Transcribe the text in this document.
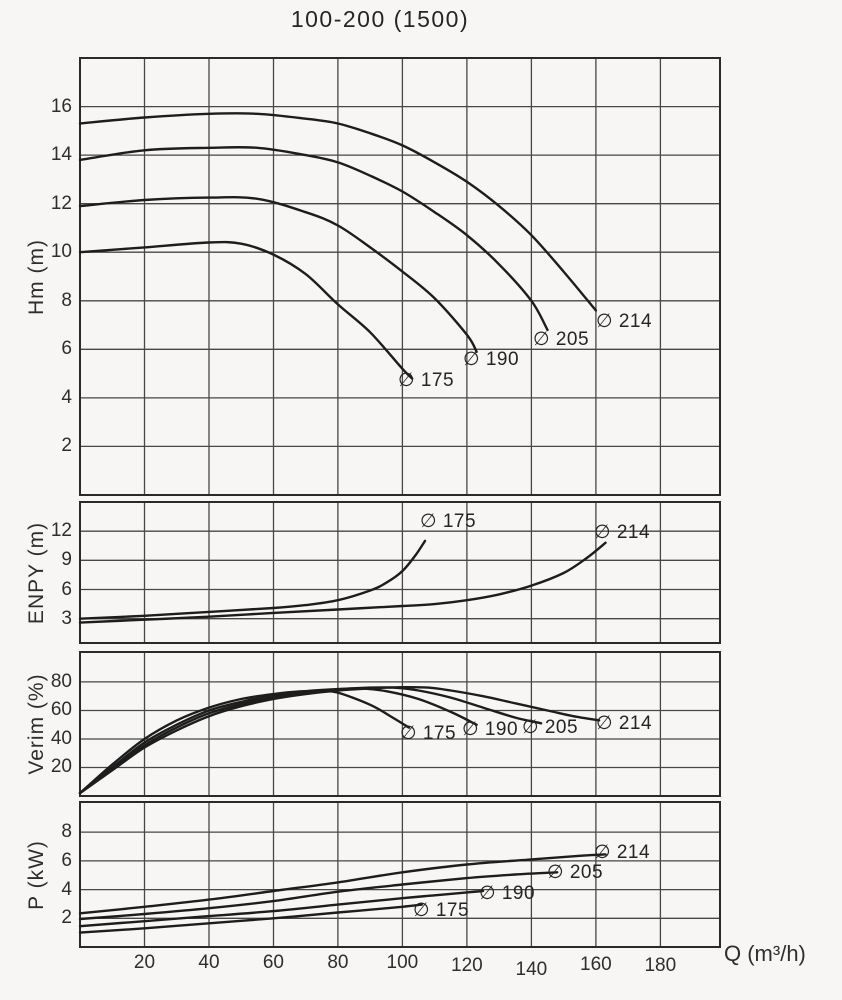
100-200 (1500)
Hm (m)
ENPY (m)
Verim (%)
P (kW)
Q (m³/h)
2
4
6
8
10
12
14
16
∅ 214
∅ 205
∅ 190
∅ 175
3
6
9
12	∅ 175
∅ 214
20
40
60
80
∅ 175 ∅ 190 ∅ 205 ∅ 214
2
4
6
8
∅ 214
∅ 205
∅ 190
∅ 175
20	40	60	80	100	120	140	160	180
